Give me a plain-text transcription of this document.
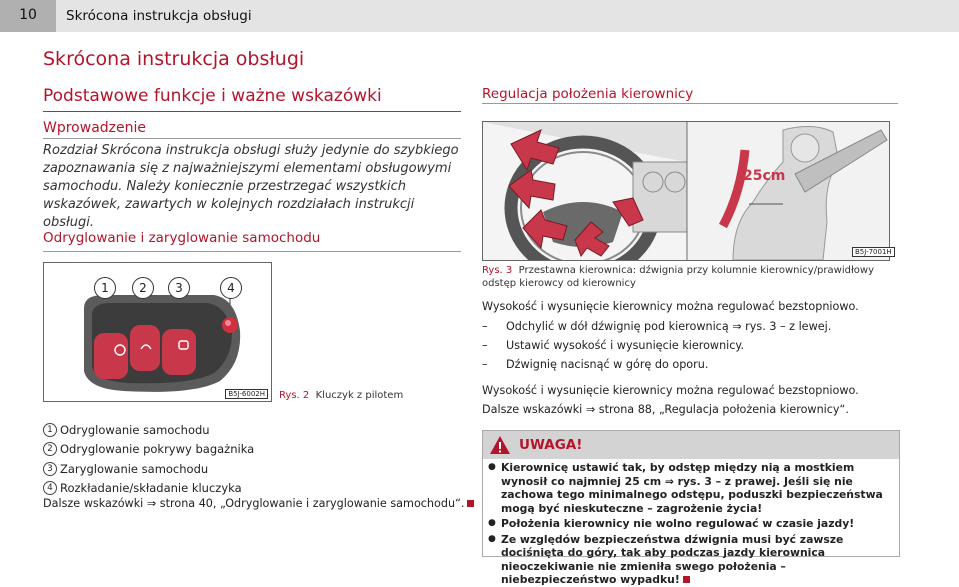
10	Skrócona instrukcja obsługi
Skrócona instrukcja obsługi
Podstawowe funkcje i ważne wskazówki
Wprowadzenie
Rozdział Skrócona instrukcja obsługi służy jedynie do szybkiego zapoznawania się z najważniejszymi elementami obsługowymi samochodu. Należy koniecznie przestrzegać wszystkich wskazówek, zawartych w kolejnych rozdziałach instrukcji obsługi.
Odryglowanie i zaryglowanie samochodu
1	2	3	4
B5J-6002H	Rys. 2 Kluczyk z pilotem
1 Odryglowanie samochodu
2 Odryglowanie pokrywy bagażnika
3 Zaryglowanie samochodu
4 Rozkładanie/składanie kluczyka
Dalsze wskazówki ⇒ strona 40, „Odryglowanie i zaryglowanie samochodu“.
Regulacja położenia kierownicy
25cm
B5J-7001H
Rys. 3 Przestawna kierownica: dźwignia przy kolumnie kierownicy/prawidłowy odstęp kierowcy od kierownicy
Wysokość i wysunięcie kierownicy można regulować bezstopniowo.
– Odchylić w dół dźwignię pod kierownicą ⇒ rys. 3 – z lewej.
– Ustawić wysokość i wysunięcie kierownicy.
– Dźwignię nacisnąć w górę do oporu.
Wysokość i wysunięcie kierownicy można regulować bezstopniowo.
Dalsze wskazówki ⇒ strona 88, „Regulacja położenia kierownicy“.
UWAGA!
● Kierownicę ustawić tak, by odstęp między nią a mostkiem wynosił co najmniej 25 cm ⇒ rys. 3 – z prawej. Jeśli się nie zachowa tego minimalnego odstępu, poduszki bezpieczeństwa mogą być nieskuteczne – zagrożenie życia!
● Położenia kierownicy nie wolno regulować w czasie jazdy!
● Ze względów bezpieczeństwa dźwignia musi być zawsze dociśnięta do góry, tak aby podczas jazdy kierownica nieoczekiwanie nie zmieniła swego położenia – niebezpieczeństwo wypadku!
